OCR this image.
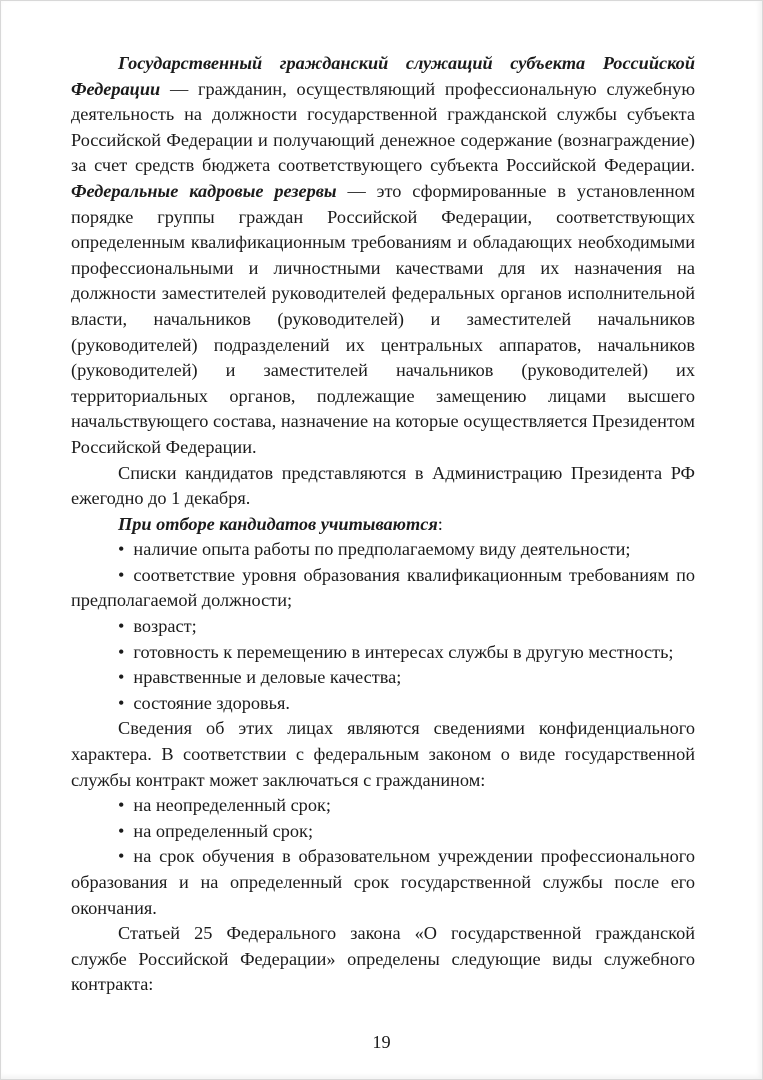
Государственный гражданский служащий субъекта Российской Федерации — гражданин, осуществляющий профессиональную служебную деятельность на должности государственной гражданской службы субъекта Российской Федерации и получающий денежное содержание (вознаграждение) за счет средств бюджета соответствующего субъекта Российской Федерации. Федеральные кадровые резервы — это сформированные в установленном порядке группы граждан Российской Федерации, соответствующих определенным квалификационным требованиям и обладающих необходимыми профессиональными и личностными качествами для их назначения на должности заместителей руководителей федеральных органов исполнительной власти, начальников (руководителей) и заместителей начальников (руководителей) подразделений их центральных аппаратов, начальников (руководителей) и заместителей начальников (руководителей) их территориальных органов, подлежащие замещению лицами высшего начальствующего состава, назначение на которые осуществляется Президентом Российской Федерации.

Списки кандидатов представляются в Администрацию Президента РФ ежегодно до 1 декабря.

При отборе кандидатов учитываются:

• наличие опыта работы по предполагаемому виду деятельности;

• соответствие уровня образования квалификационным требованиям по предполагаемой должности;

• возраст;

• готовность к перемещению в интересах службы в другую местность;

• нравственные и деловые качества;

• состояние здоровья.

Сведения об этих лицах являются сведениями конфиденциального характера. В соответствии с федеральным законом о виде государственной службы контракт может заключаться с гражданином:

• на неопределенный срок;

• на определенный срок;

• на срок обучения в образовательном учреждении профессионального образования и на определенный срок государственной службы после его окончания.

Статьей 25 Федерального закона «О государственной гражданской службе Российской Федерации» определены следующие виды служебного контракта:

19
